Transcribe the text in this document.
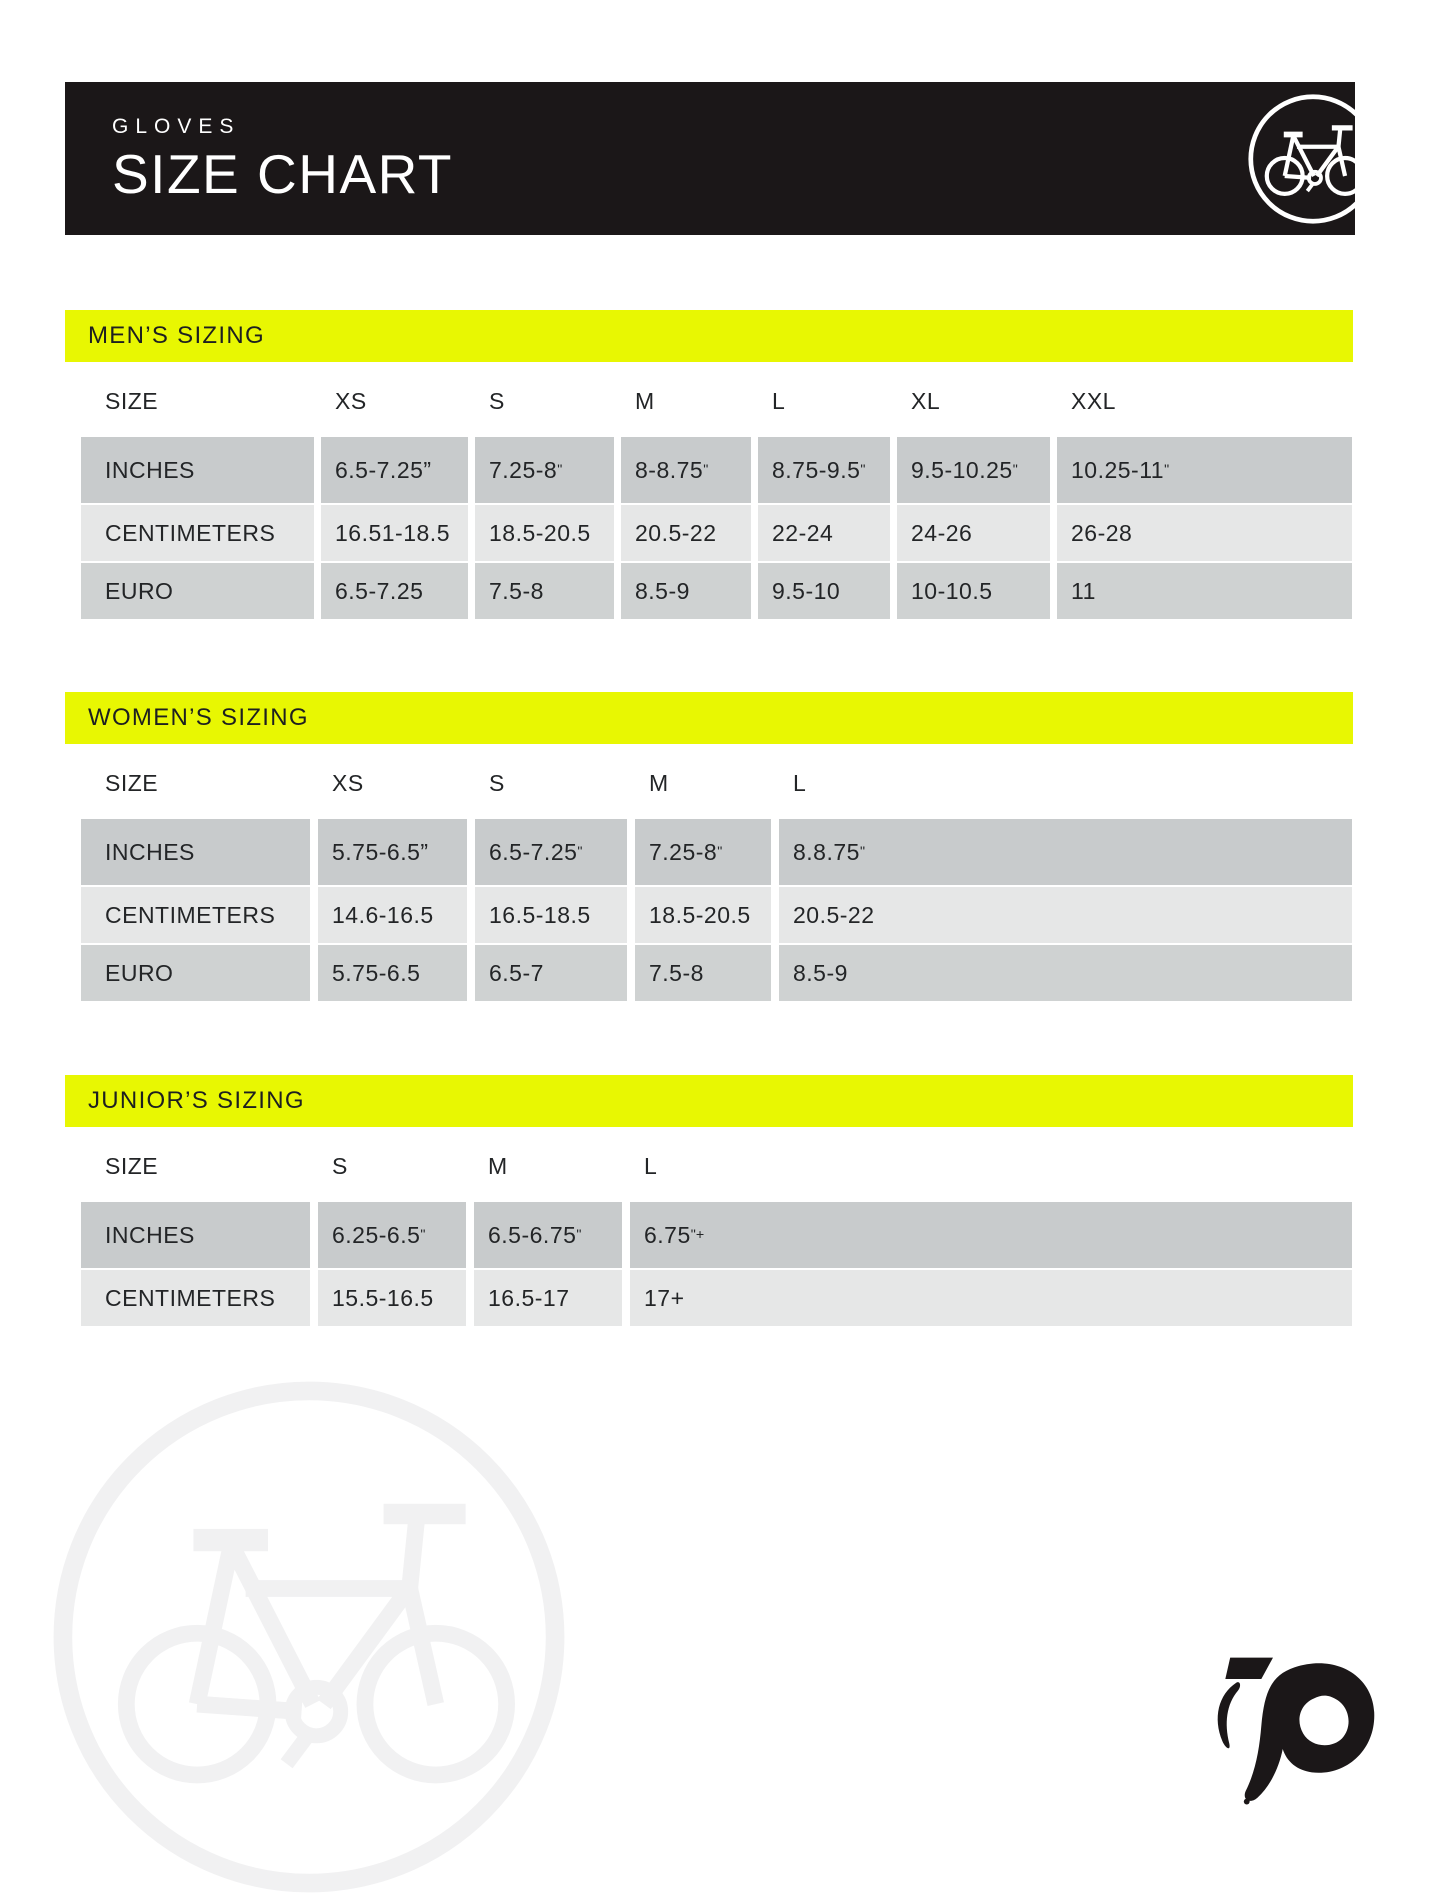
GLOVES
SIZE CHART
MEN’S SIZING
SIZE	XS	S	M	L	XL	XXL
INCHES	6.5-7.25”	7.25-8 "	8-8.75 "	8.75-9.5 "	9.5-10.25 "	10.25-11 "
CENTIMETERS	16.51-18.5	18.5-20.5	20.5-22	22-24	24-26	26-28
EURO	6.5-7.25	7.5-8	8.5-9	9.5-10	10-10.5	11
WOMEN’S SIZING
SIZE	XS	S	M	L
INCHES	5.75-6.5”	6.5-7.25 "	7.25-8 "	8.8.75 "
CENTIMETERS	14.6-16.5	16.5-18.5	18.5-20.5	20.5-22
EURO	5.75-6.5	6.5-7	7.5-8	8.5-9
JUNIOR’S SIZING
SIZE	S	M	L
INCHES	6.25-6.5 "	6.5-6.75 "	6.75 "+
CENTIMETERS	15.5-16.5	16.5-17	17+
